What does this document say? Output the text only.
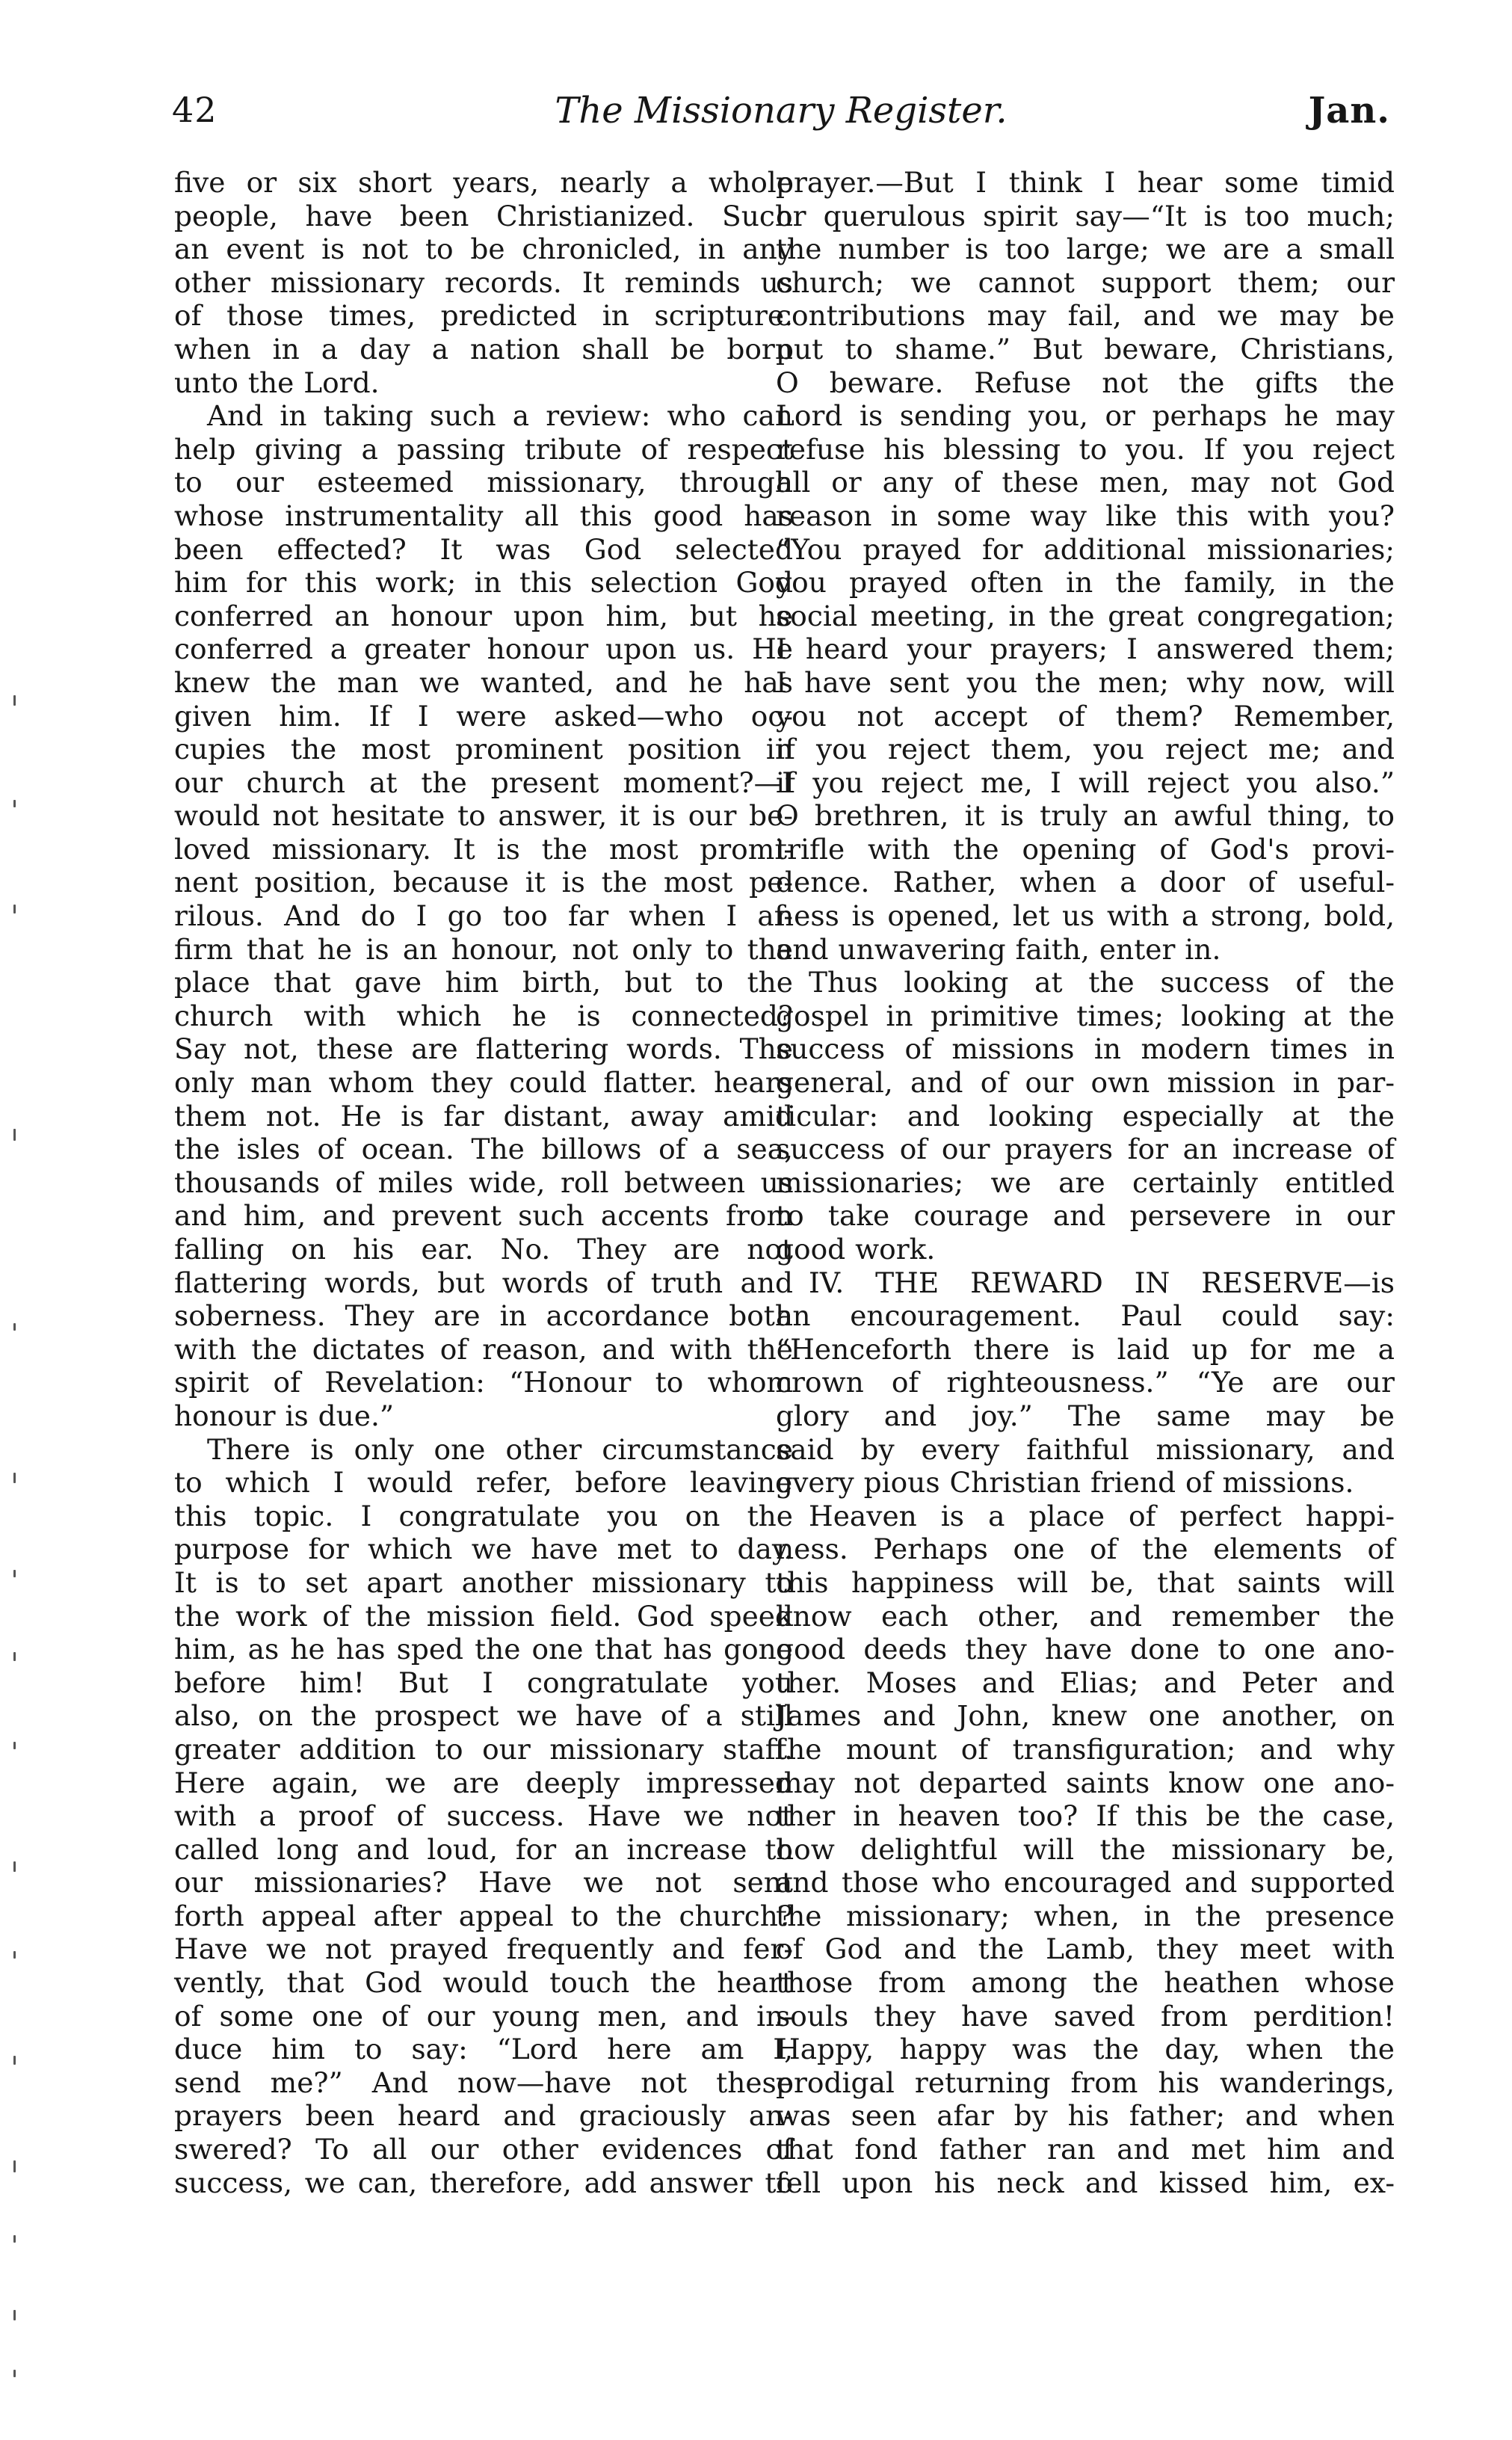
42	The Missionary Register.	Jan.
five or six short years, nearly a whole
people, have been Christianized. Such
an event is not to be chronicled, in any
other missionary records. It reminds us
of those times, predicted in scripture.
when in a day a nation shall be born
unto the Lord.
And in taking such a review: who can
help giving a passing tribute of respect
to our esteemed missionary, through
whose instrumentality all this good has
been effected? It was God selected
him for this work; in this selection God
conferred an honour upon him, but he
conferred a greater honour upon us. He
knew the man we wanted, and he has
given him. If I were asked—who oc-
cupies the most prominent position in
our church at the present moment?—I
would not hesitate to answer, it is our be-
loved missionary. It is the most promi-
nent position, because it is the most pe-
rilous. And do I go too far when I af-
firm that he is an honour, not only to the
place that gave him birth, but to the
church with which he is connected?
Say not, these are flattering words. The
only man whom they could flatter. hears
them not. He is far distant, away amid
the isles of ocean. The billows of a sea,
thousands of miles wide, roll between us
and him, and prevent such accents from
falling on his ear. No. They are not
flattering words, but words of truth and
soberness. They are in accordance both
with the dictates of reason, and with the
spirit of Revelation: “Honour to whom
honour is due.”
There is only one other circumstance
to which I would refer, before leaving
this topic. I congratulate you on the
purpose for which we have met to day.
It is to set apart another missionary to
the work of the mission field. God speed
him, as he has sped the one that has gone
before him! But I congratulate you
also, on the prospect we have of a still
greater addition to our missionary staff.
Here again, we are deeply impressed
with a proof of success. Have we not
called long and loud, for an increase to
our missionaries? Have we not sent
forth appeal after appeal to the church?
Have we not prayed frequently and fer-
vently, that God would touch the heart
of some one of our young men, and in-
duce him to say: “Lord here am I,
send me?” And now—have not these
prayers been heard and graciously an-
swered? To all our other evidences of
success, we can, therefore, add answer to
prayer.—But I think I hear some timid
or querulous spirit say—“It is too much;
the number is too large; we are a small
church; we cannot support them; our
contributions may fail, and we may be
put to shame.” But beware, Christians,
O beware. Refuse not the gifts the
Lord is sending you, or perhaps he may
refuse his blessing to you. If you reject
all or any of these men, may not God
reason in some way like this with you?
“You prayed for additional missionaries;
you prayed often in the family, in the
social meeting, in the great congregation;
I heard your prayers; I answered them;
I have sent you the men; why now, will
you not accept of them? Remember,
if you reject them, you reject me; and
if you reject me, I will reject you also.”
O brethren, it is truly an awful thing, to
trifle with the opening of God's provi-
dence. Rather, when a door of useful-
ness is opened, let us with a strong, bold,
and unwavering faith, enter in.
Thus looking at the success of the
gospel in primitive times; looking at the
success of missions in modern times in
general, and of our own mission in par-
ticular: and looking especially at the
success of our prayers for an increase of
missionaries; we are certainly entitled
to take courage and persevere in our
good work.
IV. THE REWARD IN RESERVE—is
an encouragement. Paul could say:
“Henceforth there is laid up for me a
crown of righteousness.” “Ye are our
glory and joy.” The same may be
said by every faithful missionary, and
every pious Christian friend of missions.
Heaven is a place of perfect happi-
ness. Perhaps one of the elements of
this happiness will be, that saints will
know each other, and remember the
good deeds they have done to one ano-
ther. Moses and Elias; and Peter and
James and John, knew one another, on
the mount of transfiguration; and why
may not departed saints know one ano-
ther in heaven too? If this be the case,
how delightful will the missionary be,
and those who encouraged and supported
the missionary; when, in the presence
of God and the Lamb, they meet with
those from among the heathen whose
souls they have saved from perdition!
Happy, happy was the day, when the
prodigal returning from his wanderings,
was seen afar by his father; and when
that fond father ran and met him and
fell upon his neck and kissed him, ex-
